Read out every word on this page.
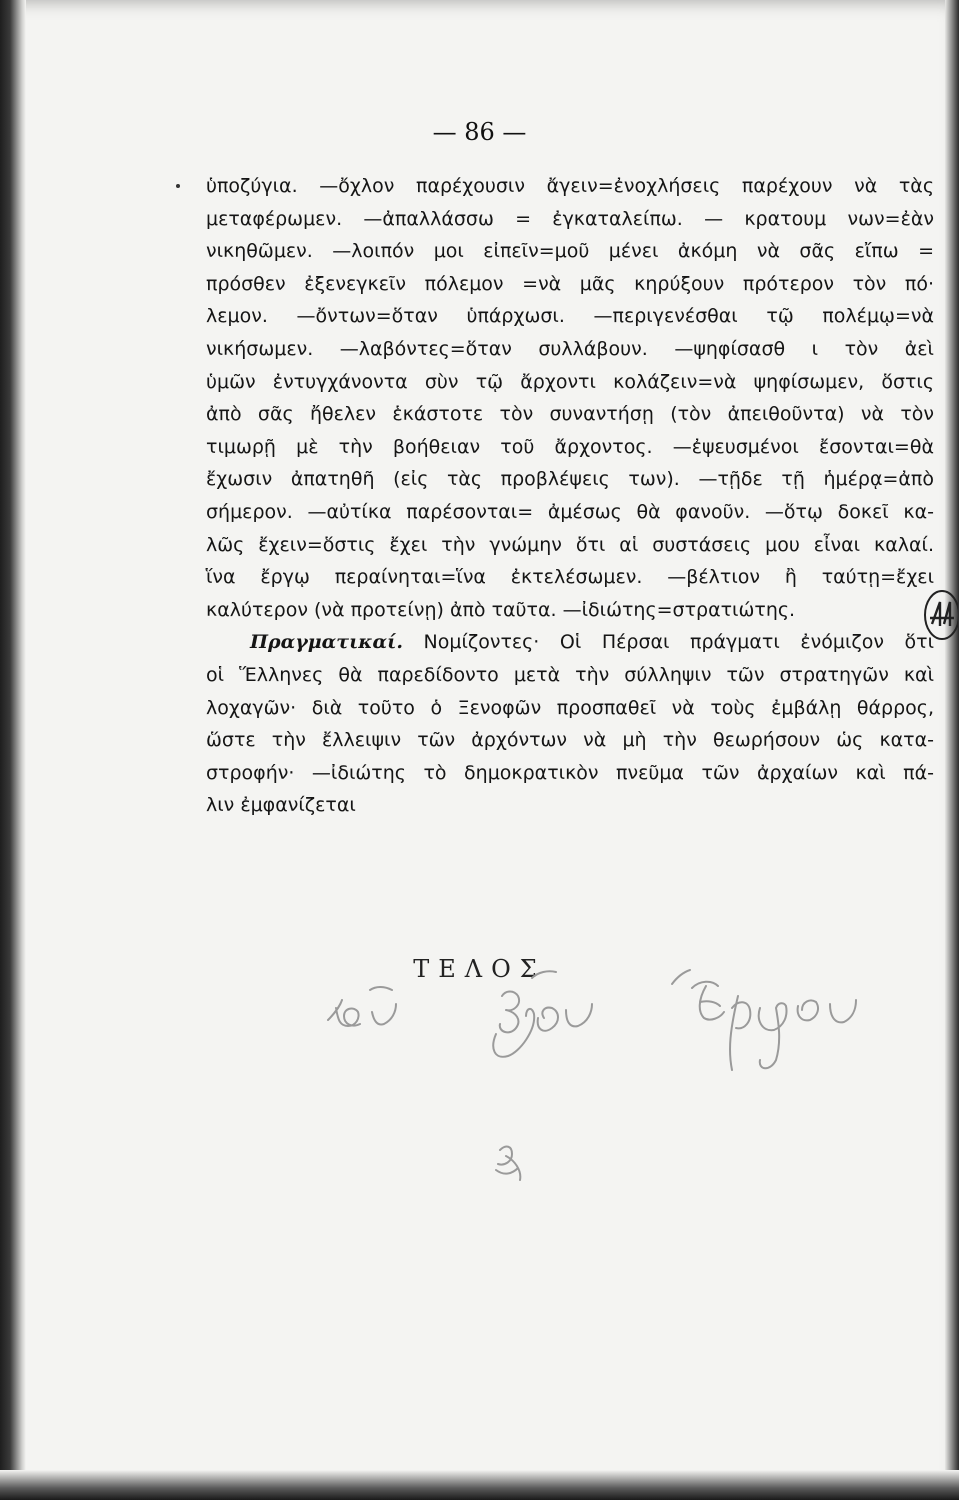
— 86 —
ὑποζύγια. —ὄχλον παρέχουσιν ἄγειν=ἐνοχλήσεις παρέχουν νὰ τὰς
μεταφέρωμεν. —ἀπαλλάσσω = ἐγκαταλείπω. — κρατουμ νων=ἐὰν
νικηθῶμεν. —λοιπόν μοι εἰπεῖν=μοῦ μένει ἀκόμη νὰ σᾶς εἴπω =
πρόσθεν ἐξενεγκεῖν πόλεμον =νὰ μᾶς κηρύξουν πρότερον τὸν πό·
λεμον. —ὄντων=ὅταν ὑπάρχωσι. —περιγενέσθαι τῷ πολέμῳ=νὰ
νικήσωμεν. —λαβόντες=ὅταν συλλάβουν. —ψηφίσασθ ι τὸν ἀεὶ
ὑμῶν ἐντυγχάνοντα σὺν τῷ ἄρχοντι κολάζειν=νὰ ψηφίσωμεν, ὅστις
ἀπὸ σᾶς ἤθελεν ἑκάστοτε τὸν συναντήσῃ (τὸν ἀπειθοῦντα) νὰ τὸν
τιμωρῇ μὲ τὴν βοήθειαν τοῦ ἄρχοντος. —ἐψευσμένοι ἔσονται=θὰ
ἔχωσιν ἀπατηθῆ (εἰς τὰς προβλέψεις των). —τῇδε τῇ ἡμέρᾳ=ἀπὸ
σήμερον. —αὐτίκα παρέσονται= ἀμέσως θὰ φανοῦν. —ὅτῳ δοκεῖ κα-
λῶς ἔχειν=ὅστις ἔχει τὴν γνώμην ὅτι αἱ συστάσεις μου εἶναι καλαί.
ἵνα ἔργῳ περαίνηται=ἵνα ἐκτελέσωμεν. —βέλτιον ἢ ταύτῃ=ἔχει
καλύτερον (νὰ προτείνῃ) ἀπὸ ταῦτα. —ἰδιώτης=στρατιώτης.
Πραγματικαί. Νομίζοντες· Οἱ Πέρσαι πράγματι ἐνόμιζον ὅτι
οἱ Ἕλληνες θὰ παρεδίδοντο μετὰ τὴν σύλληψιν τῶν στρατηγῶν καὶ
λοχαγῶν· διὰ τοῦτο ὁ Ξενοφῶν προσπαθεῖ νὰ τοὺς ἐμβάλῃ θάρρος,
ὥστε τὴν ἔλλειψιν τῶν ἀρχόντων νὰ μὴ τὴν θεωρήσουν ὡς κατα-
στροφήν· —ἰδιώτης τὸ δημοκρατικὸν πνεῦμα τῶν ἀρχαίων καὶ πά-
λιν ἐμφανίζεται
ΤΕΛΟΣ
τοῦ ἔργου Ξέρξου
